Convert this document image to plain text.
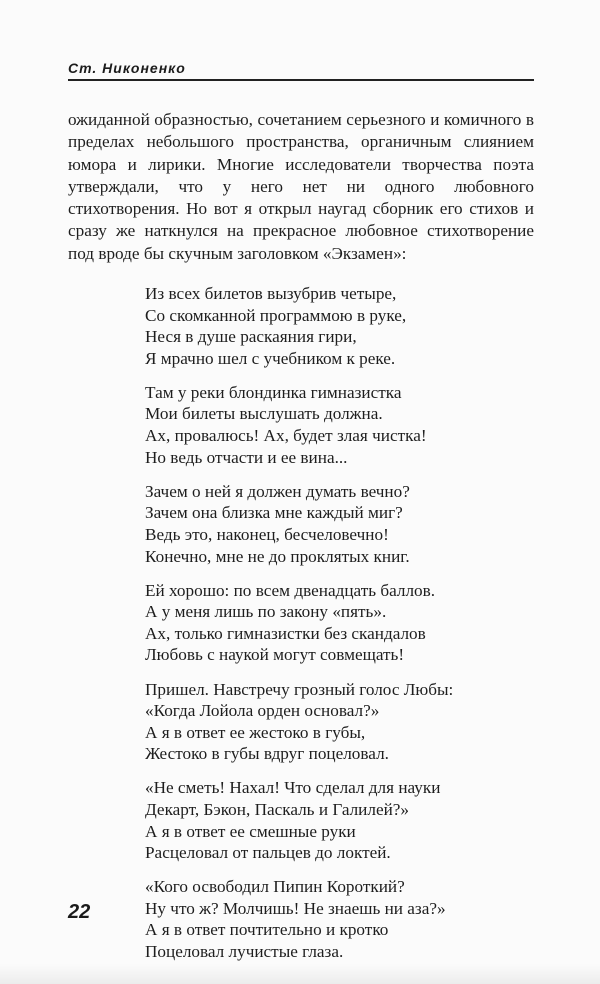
Ст. Никоненко

ожиданной образностью, сочетанием серьезного и комичного в пределах небольшого пространства, органичным слиянием юмора и лирики. Многие исследователи творчества поэта утверждали, что у него нет ни одного любовного стихотворения. Но вот я открыл наугад сборник его стихов и сразу же наткнулся на прекрасное любовное стихотворение под вроде бы скучным заголовком «Экзамен»:

Из всех билетов вызубрив четыре,
Со скомканной программою в руке,
Неся в душе раскаяния гири,
Я мрачно шел с учебником к реке.
Там у реки блондинка гимназистка
Мои билеты выслушать должна.
Ах, провалюсь! Ах, будет злая чистка!
Но ведь отчасти и ее вина...
Зачем о ней я должен думать вечно?
Зачем она близка мне каждый миг?
Ведь это, наконец, бесчеловечно!
Конечно, мне не до проклятых книг.
Ей хорошо: по всем двенадцать баллов.
А у меня лишь по закону «пять».
Ах, только гимназистки без скандалов
Любовь с наукой могут совмещать!
Пришел. Навстречу грозный голос Любы:
«Когда Лойола орден основал?»
А я в ответ ее жестоко в губы,
Жестоко в губы вдруг поцеловал.
«Не сметь! Нахал! Что сделал для науки
Декарт, Бэкон, Паскаль и Галилей?»
А я в ответ ее смешные руки
Расцеловал от пальцев до локтей.
«Кого освободил Пипин Короткий?
Ну что ж? Молчишь! Не знаешь ни аза?»
А я в ответ почтительно и кротко
Поцеловал лучистые глаза.
22
